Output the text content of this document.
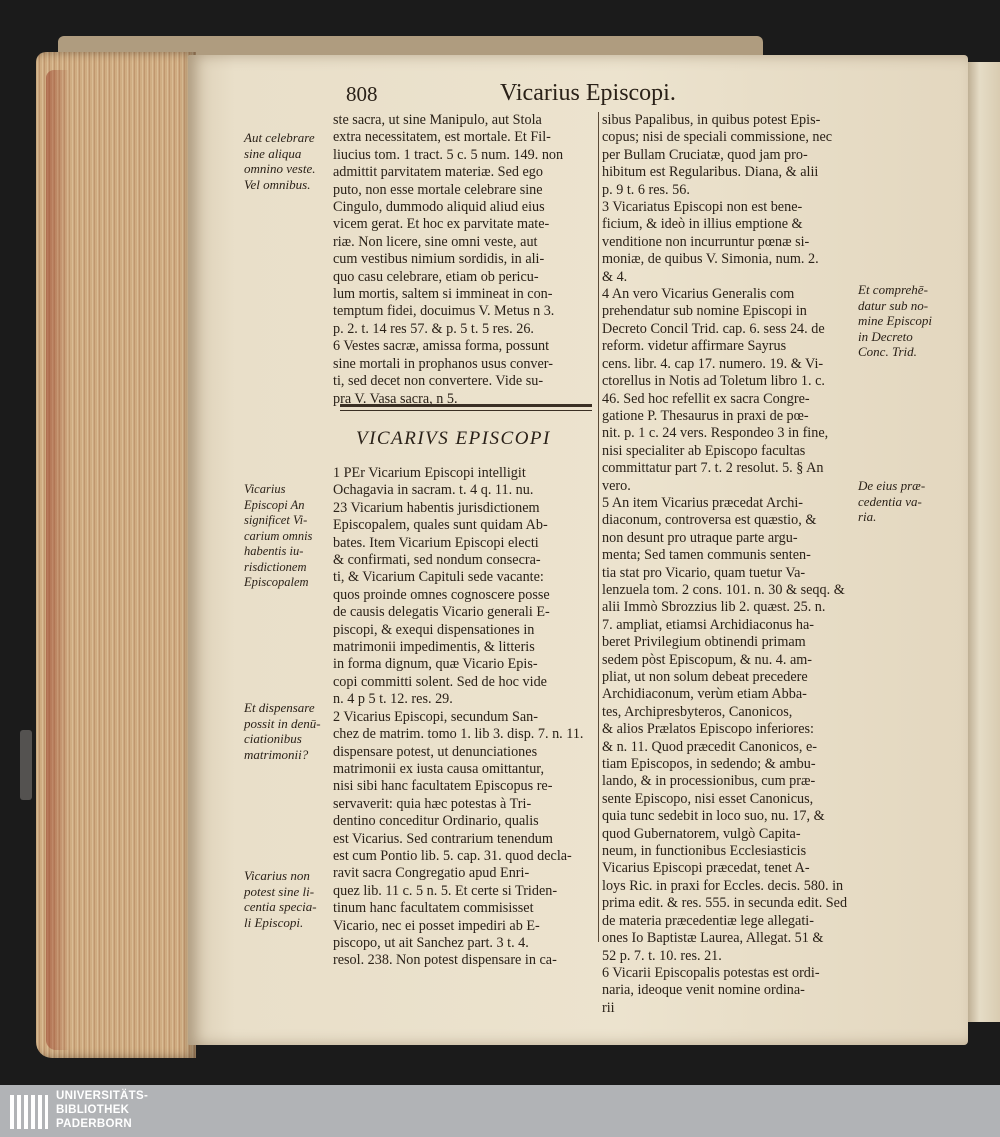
808	Vicarius Episcopi.
ste sacra, ut sine Manipulo, aut Stola
extra necessitatem, est mortale. Et Fil-
liucius tom. 1 tract. 5 c. 5 num. 149. non
admittit parvitatem materiæ. Sed ego
puto, non esse mortale celebrare sine
Cingulo, dummodo aliquid aliud eius
vicem gerat. Et hoc ex parvitate mate-
riæ. Non licere, sine omni veste, aut
cum vestibus nimium sordidis, in ali-
quo casu celebrare, etiam ob pericu-
lum mortis, saltem si immineat in con-
temptum fidei, docuimus V. Metus n 3.
p. 2. t. 14 res 57. & p. 5 t. 5 res. 26.
6 Vestes sacræ, amissa forma, possunt
sine mortali in prophanos usus conver-
ti, sed decet non convertere. Vide su-
pra V. Vasa sacra, n 5.
VICARIVS EPISCOPI
1 PEr Vicarium Episcopi intelligit
Ochagavia in sacram. t. 4 q. 11. nu.
23 Vicarium habentis jurisdictionem
Episcopalem, quales sunt quidam Ab-
bates. Item Vicarium Episcopi electi
& confirmati, sed nondum consecra-
ti, & Vicarium Capituli sede vacante:
quos proinde omnes cognoscere posse
de causis delegatis Vicario generali E-
piscopi, & exequi dispensationes in
matrimonii impedimentis, & litteris
in forma dignum, quæ Vicario Epis-
copi committi solent. Sed de hoc vide
n. 4 p 5 t. 12. res. 29.
2 Vicarius Episcopi, secundum San-
chez de matrim. tomo 1. lib 3. disp. 7. n. 11.
dispensare potest, ut denunciationes
matrimonii ex iusta causa omittantur,
nisi sibi hanc facultatem Episcopus re-
servaverit: quia hæc potestas à Tri-
dentino conceditur Ordinario, qualis
est Vicarius. Sed contrarium tenendum
est cum Pontio lib. 5. cap. 31. quod decla-
ravit sacra Congregatio apud Enri-
quez lib. 11 c. 5 n. 5. Et certe si Triden-
tinum hanc facultatem commisisset
Vicario, nec ei posset impediri ab E-
piscopo, ut ait Sanchez part. 3 t. 4.
resol. 238. Non potest dispensare in ca-
sibus Papalibus, in quibus potest Epis-
copus; nisi de speciali commissione, nec
per Bullam Cruciatæ, quod jam pro-
hibitum est Regularibus. Diana, & alii
p. 9 t. 6 res. 56.
3 Vicariatus Episcopi non est bene-
ficium, & ideò in illius emptione &
venditione non incurruntur pœnæ si-
moniæ, de quibus V. Simonia, num. 2.
& 4.
4 An vero Vicarius Generalis com
prehendatur sub nomine Episcopi in
Decreto Concil Trid. cap. 6. sess 24. de
reform. videtur affirmare Sayrus
cens. libr. 4. cap 17. numero. 19. & Vi-
ctorellus in Notis ad Toletum libro 1. c.
46. Sed hoc refellit ex sacra Congre-
gatione P. Thesaurus in praxi de pœ-
nit. p. 1 c. 24 vers. Respondeo 3 in fine,
nisi specialiter ab Episcopo facultas
committatur part 7. t. 2 resolut. 5. § An
vero.
5 An item Vicarius præcedat Archi-
diaconum, controversa est quæstio, &
non desunt pro utraque parte argu-
menta; Sed tamen communis senten-
tia stat pro Vicario, quam tuetur Va-
lenzuela tom. 2 cons. 101. n. 30 & seqq. &
alii Immò Sbrozzius lib 2. quæst. 25. n.
7. ampliat, etiamsi Archidiaconus ha-
beret Privilegium obtinendi primam
sedem pòst Episcopum, & nu. 4. am-
pliat, ut non solum debeat precedere
Archidiaconum, verùm etiam Abba-
tes, Archipresbyteros, Canonicos,
& alios Prælatos Episcopo inferiores:
& n. 11. Quod præcedit Canonicos, e-
tiam Episcopos, in sedendo; & ambu-
lando, & in processionibus, cum præ-
sente Episcopo, nisi esset Canonicus,
quia tunc sedebit in loco suo, nu. 17, &
quod Gubernatorem, vulgò Capita-
neum, in functionibus Ecclesiasticis
Vicarius Episcopi præcedat, tenet A-
loys Ric. in praxi for Eccles. decis. 580. in
prima edit. & res. 555. in secunda edit. Sed
de materia præcedentiæ lege allegati-
ones Io Baptistæ Laurea, Allegat. 51 &
52 p. 7. t. 10. res. 21.
6 Vicarii Episcopalis potestas est ordi-
naria, ideoque venit nomine ordina-
rii
Aut celebrare
sine aliqua
omnino veste.
Vel omnibus.
Vicarius
Episcopi An
significet Vi-
carium omnis
habentis iu-
risdictionem
Episcopalem
Et dispensare
possit in denū-
ciationibus
matrimonii?
Vicarius non
potest sine li-
centia specia-
li Episcopi.
Et comprehē-
datur sub no-
mine Episcopi
in Decreto
Conc. Trid.
De eius præ-
cedentia va-
ria.
UNIVERSITÄTS-
BIBLIOTHEK
PADERBORN
